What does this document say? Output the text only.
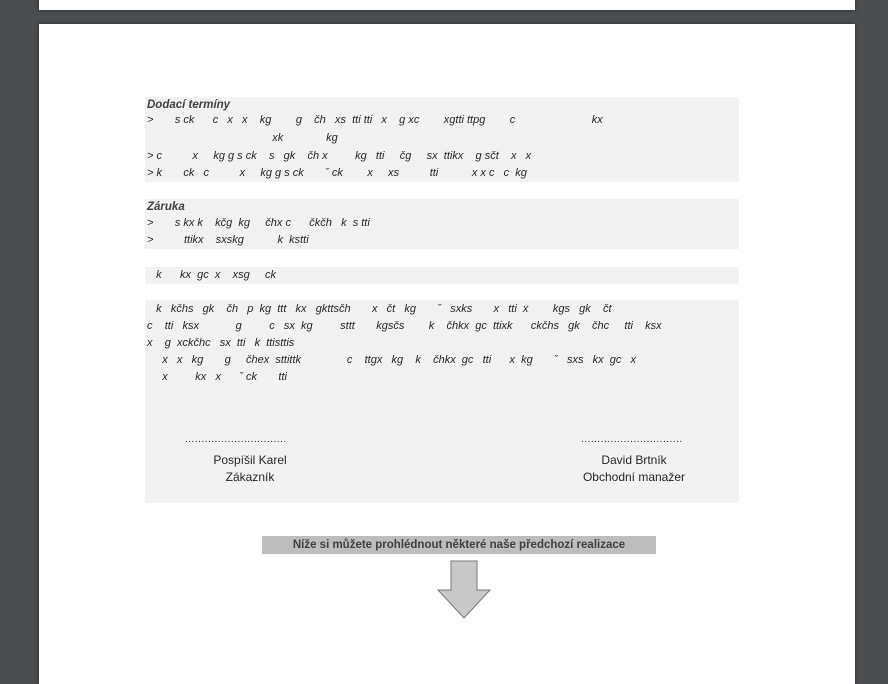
Dodací termíny
>       s ck      c   x   x    kg        g    čh   xs  tti tti   x    g xc        xgtti ttpg        c                         kx
xk              kg
> c          x     kg g s ck    s   gk    čh x         kg   tti     čg     sx  ttikx    g sčt    x   x
> k       ck   c          x     kg g s ck       ˇ ck        x     xs          tti           x x c   c  kg
Záruka
>       s kx k    kčg  kg     čhx c      čkčh   k  s tti
>          ttikx    sxskg           k  kstti
k      kx  gc  x    xsg     ck
k   kčhs   gk    čh   p  kg  ttt   kx   gkttsčh       x   čt   kg       ˇ   sxks       x   tti  x        kgs   gk    čt
c    tti   ksx            g         c   sx  kg         sttt       kgsčs        k    čhkx  gc  ttixk      ckčhs   gk    čhc     tti    ksx
x    g  xckčhc   sx  tti   k  ttisttis
x   x   kg       g     čhex  sttittk               c    ttgx   kg    k    čhkx  gc   tti      x  kg       ˇ   sxs   kx  gc   x
x         kx   x      ˇ ck       tti
...............................
Pospíšil Karel
Zákazník
...............................
David Brtník
Obchodní manažer
Níže si můžete prohlédnout některé naše předchozí realizace
